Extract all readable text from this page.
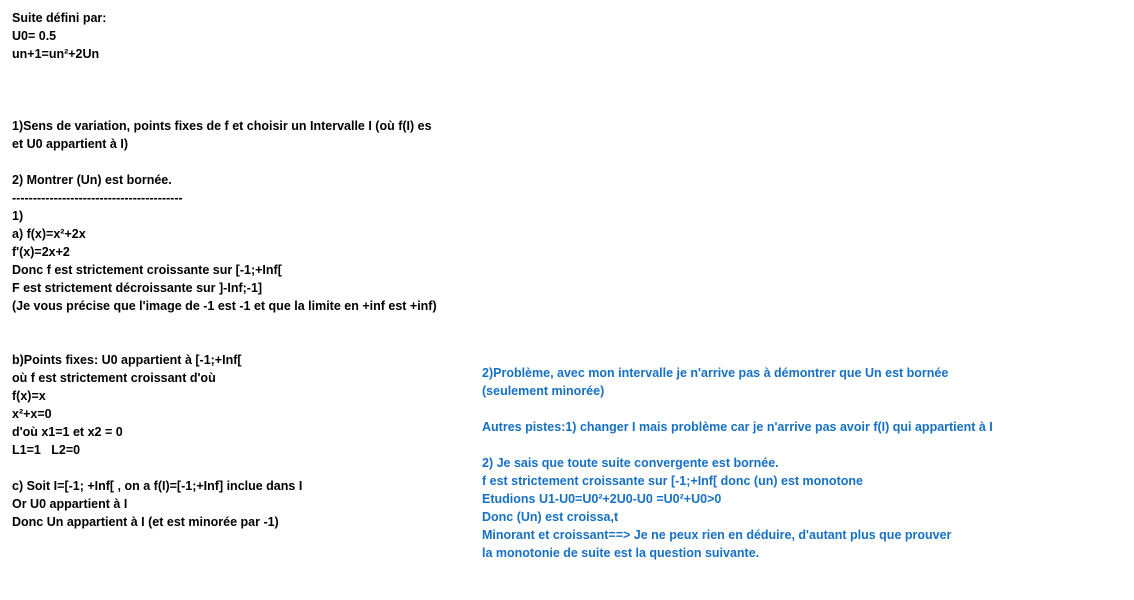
Suite défini par:
U0= 0.5
un+1=un²+2Un
1)Sens de variation, points fixes de f et choisir un Intervalle I (où f(I) es
et U0 appartient à I)
2) Montrer (Un) est bornée.
-----------------------------------------
1)
a) f(x)=x²+2x
f'(x)=2x+2
Donc f est strictement croissante sur [-1;+Inf[
F est strictement décroissante sur ]-Inf;-1]
(Je vous précise que l'image de -1 est -1 et que la limite en +inf est +inf)
b)Points fixes: U0 appartient à [-1;+Inf[
où f est strictement croissant d'où
f(x)=x
x²+x=0
d'où x1=1 et x2 = 0
L1=1   L2=0
c) Soit I=[-1; +Inf[ , on a f(I)=[-1;+Inf] inclue dans I
Or U0 appartient à I
Donc Un appartient à I (et est minorée par -1)
2)Problème, avec mon intervalle je n'arrive pas à démontrer que Un est bornée
(seulement minorée)
Autres pistes:1) changer I mais problème car je n'arrive pas avoir f(I) qui appartient à I
2) Je sais que toute suite convergente est bornée.
f est strictement croissante sur [-1;+Inf[ donc (un) est monotone
Etudions U1-U0=U0²+2U0-U0 =U0²+U0>0
Donc (Un) est croissa,t
Minorant et croissant==> Je ne peux rien en déduire, d'autant plus que prouver
la monotonie de suite est la question suivante.
